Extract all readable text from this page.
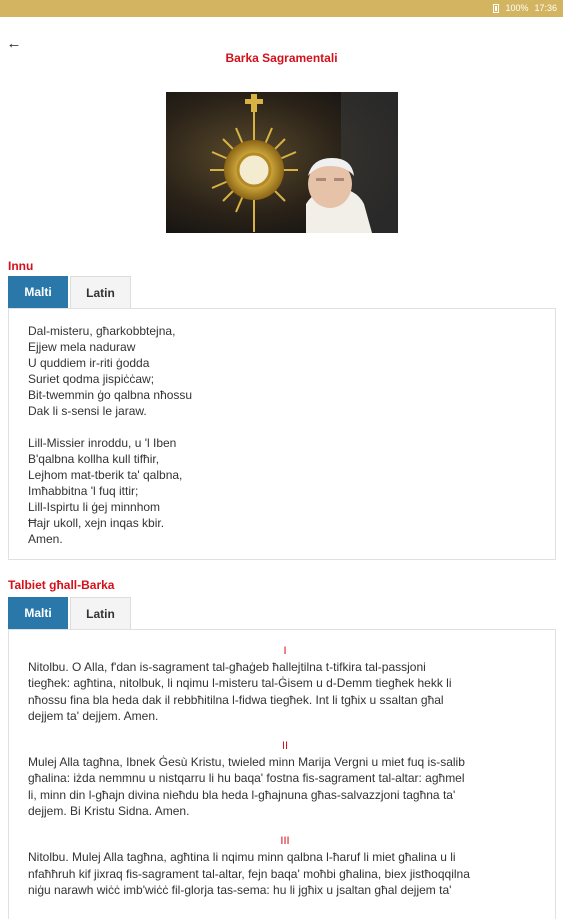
100% 17:36
←
Barka Sagramentali
Innu
Malti	Latin
Dal-misteru, għarkobbtejna,
Ejjew mela naduraw
U quddiem ir-riti ġodda
Suriet qodma jispiċċaw;
Bit-twemmin ġo qalbna nħossu
Dak li s-sensi le jaraw.
Lill-Missier inroddu, u 'l Iben
B'qalbna kollha kull tifħir,
Lejhom mat-tberik ta' qalbna,
Imħabbitna 'l fuq ittir;
Lill-Ispirtu li ġej minnhom
Ħajr ukoll, xejn inqas kbir.
Amen.
Talbiet għall-Barka
Malti	Latin
I
Nitolbu. O Alla, f'dan is-sagrament tal-għaġeb ħallejtilna t-tifkira tal-passjoni
tiegħek: agħtina, nitolbuk, li nqimu l-misteru tal-Ġisem u d-Demm tiegħek hekk li
nħossu fina bla heda dak il rebbħitilna l-fidwa tiegħek. Int li tgħix u ssaltan għal
dejjem ta' dejjem. Amen.
II
Mulej Alla tagħna, Ibnek Ġesù Kristu, twieled minn Marija Vergni u miet fuq is-salib
għalina: iżda nemmnu u nistqarru li hu baqa' fostna fis-sagrament tal-altar: agħmel
li, minn din l-għajn divina nieħdu bla heda l-għajnuna għas-salvazzjoni tagħna ta'
dejjem. Bi Kristu Sidna. Amen.
III
Nitolbu. Mulej Alla tagħna, agħtina li nqimu minn qalbna l-ħaruf li miet għalina u li
nfaħħruh kif jixraq fis-sagrament tal-altar, fejn baqa' moħbi għalina, biex jistħoqqilna
niġu narawh wiċċ imb'wiċċ fil-glorja tas-sema: hu li jgħix u jsaltan għal dejjem ta'
